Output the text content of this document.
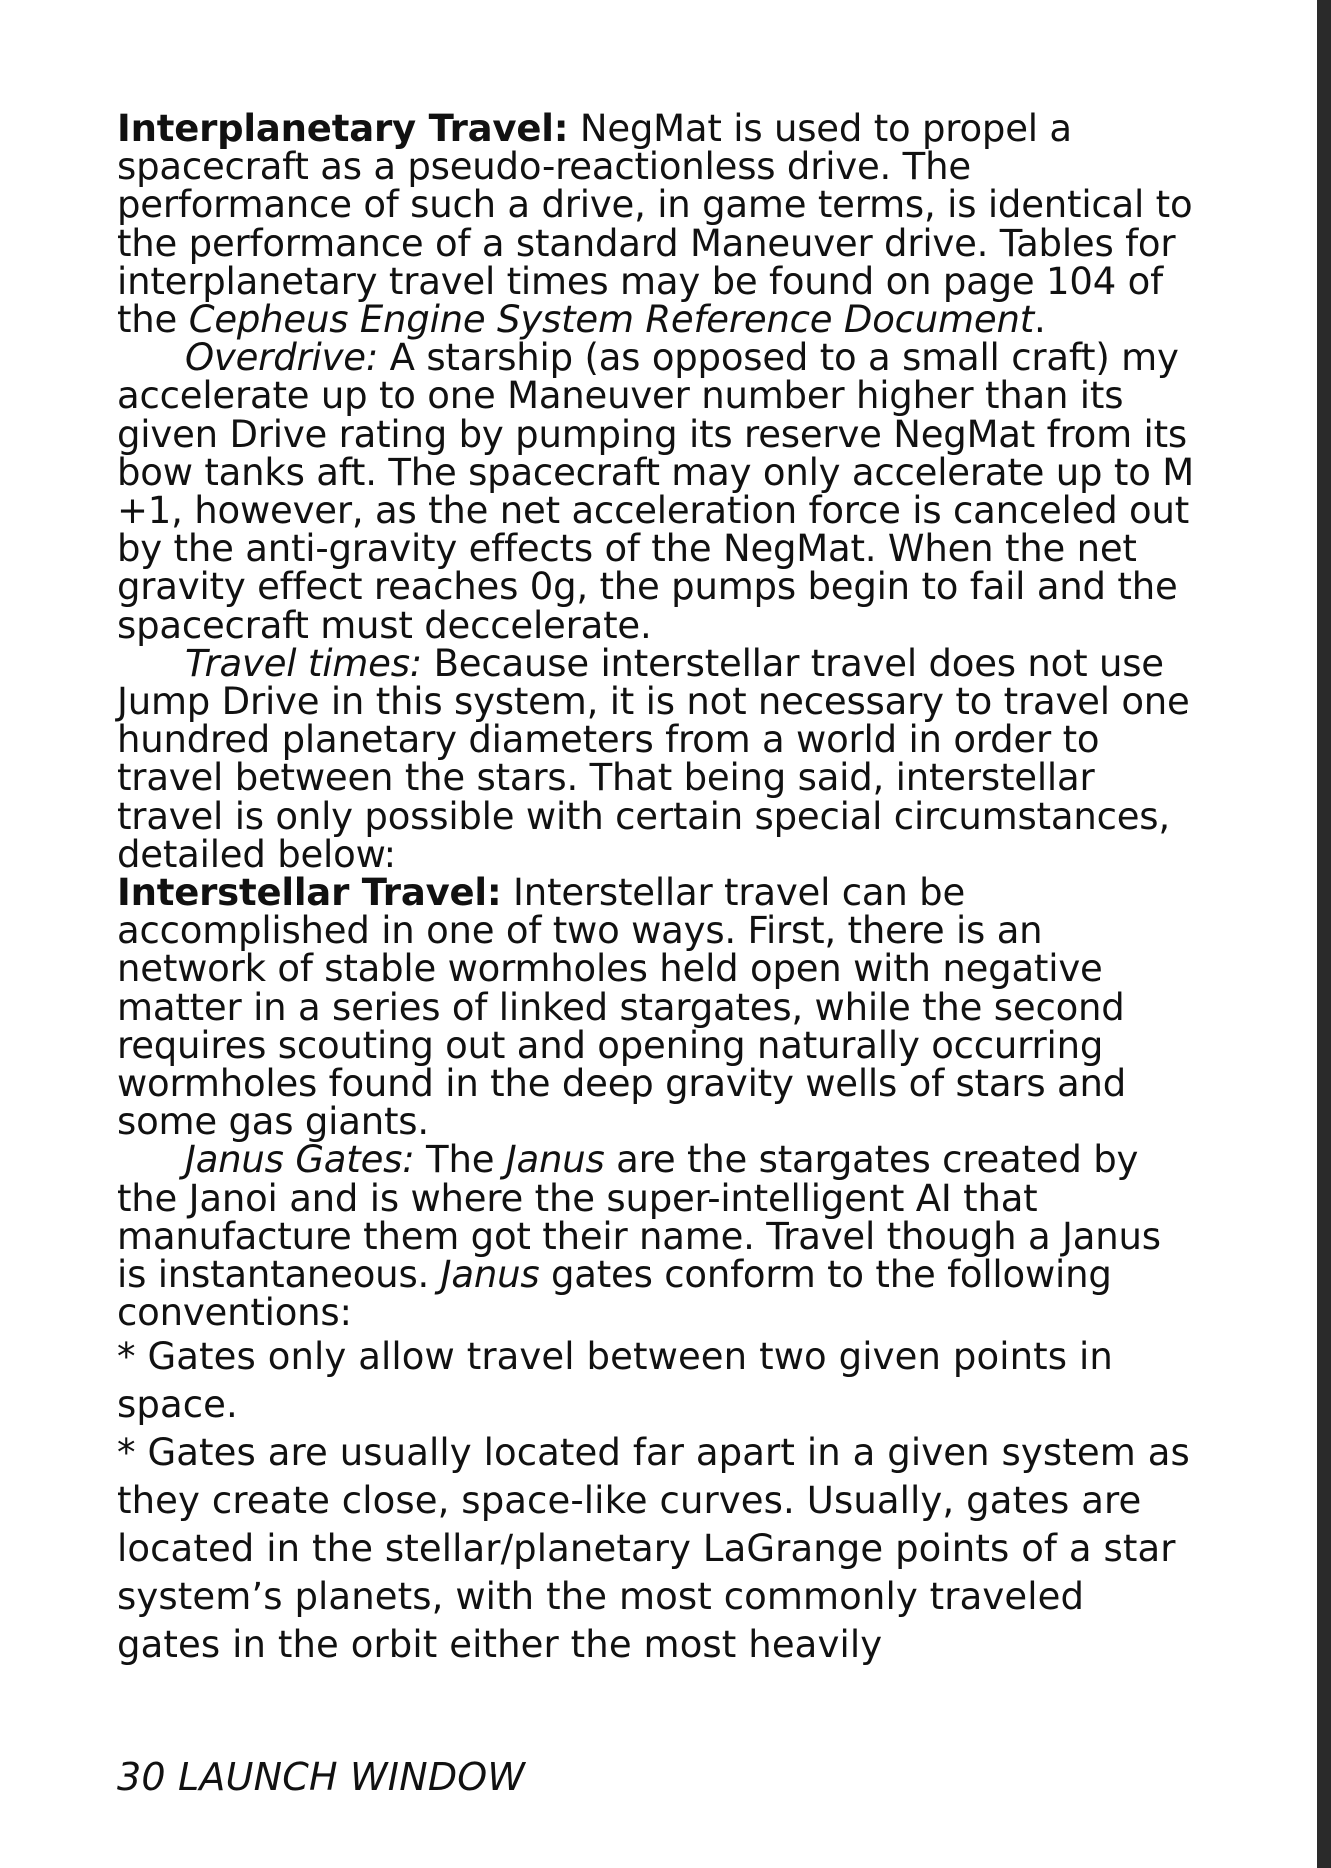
Interplanetary Travel: NegMat is used to propel a spacecraft as a pseudo-reactionless drive. The performance of such a drive, in game terms, is identical to the performance of a standard Maneuver drive. Tables for interplanetary travel times may be found on page 104 of the Cepheus Engine System Reference Document.

Overdrive: A starship (as opposed to a small craft) my accelerate up to one Maneuver number higher than its given Drive rating by pumping its reserve NegMat from its bow tanks aft. The spacecraft may only accelerate up to M +1, however, as the net acceleration force is canceled out by the anti-gravity effects of the NegMat. When the net gravity effect reaches 0g, the pumps begin to fail and the spacecraft must deccelerate.

Travel times: Because interstellar travel does not use Jump Drive in this system, it is not necessary to travel one hundred planetary diameters from a world in order to travel between the stars. That being said, interstellar travel is only possible with certain special circumstances, detailed below:

Interstellar Travel: Interstellar travel can be accomplished in one of two ways. First, there is an network of stable wormholes held open with negative matter in a series of linked stargates, while the second requires scouting out and opening naturally occurring wormholes found in the deep gravity wells of stars and some gas giants.

Janus Gates: The Janus are the stargates created by the Janoi and is where the super-intelligent AI that manufacture them got their name. Travel though a Janus is instantaneous. Janus gates conform to the following conventions:

* Gates only allow travel between two given points in space.

* Gates are usually located far apart in a given system as they create close, space-like curves. Usually, gates are located in the stellar/planetary LaGrange points of a star system’s planets, with the most commonly traveled gates in the orbit either the most heavily

30 LAUNCH WINDOW
